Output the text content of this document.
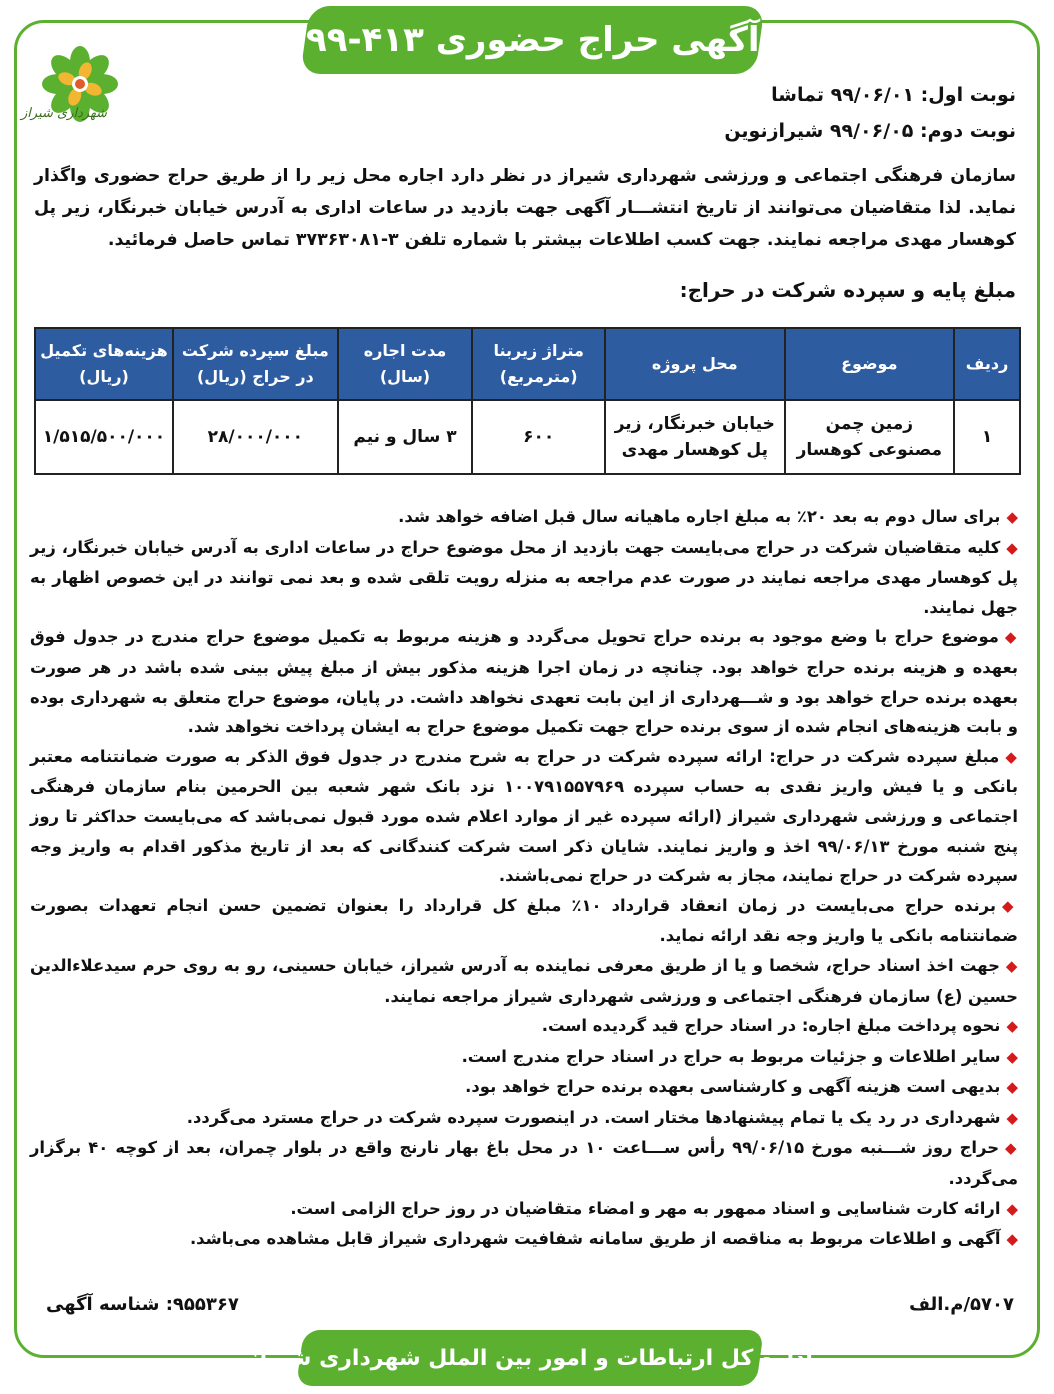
شهرداری شیراز
آگهی حراج حضوری ۴۱۳-۹۹
نوبت اول: ۹۹/۰۶/۰۱ تماشا
نوبت دوم: ۹۹/۰۶/۰۵ شیرازنوین
سازمان فرهنگی اجتماعی و ورزشی شهرداری شیراز در نظر دارد اجاره محل زیر را از طریق حراج حضوری واگذار نماید. لذا متقاضیان می‌توانند از تاریخ انتشـــار آگهی جهت بازدید در ساعات اداری به آدرس خیابان خبرنگار، زیر پل کوهسار مهدی مراجعه نمایند. جهت کسب اطلاعات بیشتر با شماره تلفن ۳-۳۷۳۶۳۰۸۱ تماس حاصل فرمائید.
مبلغ پایه و سپرده شرکت در حراج:
ردیف	موضوع	محل پروژه	متراژ زیربنا (مترمربع)	مدت اجاره (سال)	مبلغ سپرده شرکت در حراج (ریال)	هزینه‌های تکمیل (ریال)
۱	زمین چمن مصنوعی کوهسار	خیابان خبرنگار، زیر پل کوهسار مهدی	۶۰۰	۳ سال و نیم	۲۸/۰۰۰/۰۰۰	۱/۵۱۵/۵۰۰/۰۰۰

◆برای سال دوم به بعد ۲۰٪ به مبلغ اجاره ماهیانه سال قبل اضافه خواهد شد.

◆کلیه متقاضیان شرکت در حراج می‌بایست جهت بازدید از محل موضوع حراج در ساعات اداری به آدرس خیابان خبرنگار، زیر پل کوهسار مهدی مراجعه نمایند در صورت عدم مراجعه به منزله رویت تلقی شده و بعد نمی توانند در این خصوص اظهار به جهل نمایند.

◆موضوع حراج با وضع موجود به برنده حراج تحویل می‌گردد و هزینه مربوط به تکمیل موضوع حراج مندرج در جدول فوق بعهده و هزینه برنده حراج خواهد بود. چنانچه در زمان اجرا هزینه مذکور بیش از مبلغ پیش بینی شده باشد در هر صورت بعهده برنده حراج خواهد بود و شـــهرداری از این بابت تعهدی نخواهد داشت. در پایان، موضوع حراج متعلق به شهرداری بوده و بابت هزینه‌های انجام شده از سوی برنده حراج جهت تکمیل موضوع حراج به ایشان پرداخت نخواهد شد.

◆مبلغ سپرده شرکت در حراج: ارائه سپرده شرکت در حراج به شرح مندرج در جدول فوق الذکر به صورت ضمانتنامه معتبر بانکی و یا فیش واریز نقدی به حساب سپرده ۱۰۰۷۹۱۵۵۷۹۶۹ نزد بانک شهر شعبه بین الحرمین بنام سازمان فرهنگی اجتماعی و ورزشی شهرداری شیراز (ارائه سپرده غیر از موارد اعلام شده مورد قبول نمی‌باشد که می‌بایست حداکثر تا روز پنج شنبه مورخ ۹۹/۰۶/۱۳ اخذ و واریز نمایند. شایان ذکر است شرکت کنندگانی که بعد از تاریخ مذکور اقدام به واریز وجه سپرده شرکت در حراج نمایند، مجاز به شرکت در حراج نمی‌باشند.

◆برنده حراج می‌بایست در زمان انعقاد قرارداد ۱۰٪ مبلغ کل قرارداد را بعنوان تضمین حسن انجام تعهدات بصورت ضمانتنامه بانکی یا واریز وجه نقد ارائه نماید.

◆جهت اخذ اسناد حراج، شخصا و یا از طریق معرفی نماینده به آدرس شیراز، خیابان حسینی، رو به روی حرم سیدعلاءالدین حسین (ع) سازمان فرهنگی اجتماعی و ورزشی شهرداری شیراز مراجعه نمایند.

◆نحوه پرداخت مبلغ اجاره: در اسناد حراج قید گردیده است.

◆سایر اطلاعات و جزئیات مربوط به حراج در اسناد حراج مندرج است.

◆بدیهی است هزینه آگهی و کارشناسی بعهده برنده حراج خواهد بود.

◆شهرداری در رد یک یا تمام پیشنهادها مختار است. در اینصورت سپرده شرکت در حراج مسترد می‌گردد.

◆حراج روز شـــنبه مورخ ۹۹/۰۶/۱۵ رأس ســـاعت ۱۰ در محل باغ بهار نارنج واقع در بلوار چمران، بعد از کوچه ۴۰ برگزار می‌گردد.

◆ارائه کارت شناسایی و اسناد ممهور به مهر و امضاء متقاضیان در روز حراج الزامی است.

◆آگهی و اطلاعات مربوط به مناقصه از طریق سامانه شفافیت شهرداری شیراز قابل مشاهده می‌باشد.

۹۵۵۳۶۷: شناسه آگهی	۵۷۰۷/م.الف
اداره کل ارتباطات و امور بین الملل شهرداری شیراز
